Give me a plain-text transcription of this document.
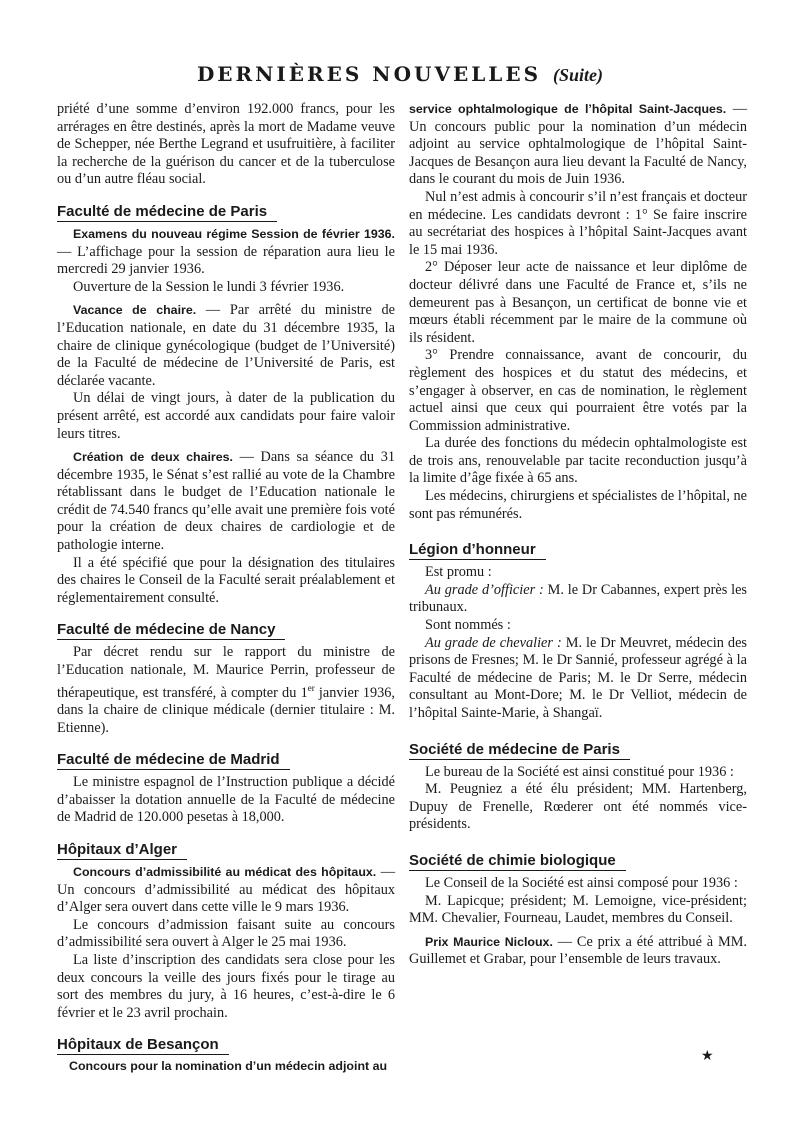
DERNIÈRES NOUVELLES (Suite)

priété d’une somme d’environ 192.000 francs, pour les arrérages en être destinés, après la mort de Madame veuve de Schepper, née Berthe Legrand et usufruitière, à faciliter la recherche de la guérison du cancer et de la tuberculose ou d’un autre fléau social.

Faculté de médecine de Paris

Examens du nouveau régime Session de février 1936. — L’affichage pour la session de réparation aura lieu le mercredi 29 janvier 1936.

Ouverture de la Session le lundi 3 février 1936.

Vacance de chaire. — Par arrêté du ministre de l’Education nationale, en date du 31 décembre 1935, la chaire de clinique gynécologique (budget de l’Université) de la Faculté de médecine de l’Université de Paris, est déclarée vacante.

Un délai de vingt jours, à dater de la publication du présent arrêté, est accordé aux candidats pour faire valoir leurs titres.

Création de deux chaires. — Dans sa séance du 31 décembre 1935, le Sénat s’est rallié au vote de la Chambre rétablissant dans le budget de l’Education nationale le crédit de 74.540 francs qu’elle avait une première fois voté pour la création de deux chaires de cardiologie et de pathologie interne.

Il a été spécifié que pour la désignation des titulaires des chaires le Conseil de la Faculté serait préalablement et réglementairement consulté.

Faculté de médecine de Nancy

Par décret rendu sur le rapport du ministre de l’Education nationale, M. Maurice Perrin, professeur de thérapeutique, est transféré, à compter du 1er janvier 1936, dans la chaire de clinique médicale (dernier titulaire : M. Etienne).

Faculté de médecine de Madrid

Le ministre espagnol de l’Instruction publique a décidé d’abaisser la dotation annuelle de la Faculté de médecine de Madrid de 120.000 pesetas à 18,000.

Hôpitaux d’Alger

Concours d’admissibilité au médicat des hôpitaux. — Un concours d’admissibilité au médicat des hôpitaux d’Alger sera ouvert dans cette ville le 9 mars 1936.

Le concours d’admission faisant suite au concours d’admissibilité sera ouvert à Alger le 25 mai 1936.

La liste d’inscription des candidats sera close pour les deux concours la veille des jours fixés pour le tirage au sort des membres du jury, à 16 heures, c’est-à-dire le 6 février et le 23 avril prochain.

Hôpitaux de Besançon
Concours pour la nomination d’un médecin adjoint au

service ophtalmologique de l’hôpital Saint-Jacques. — Un concours public pour la nomination d’un médecin adjoint au service ophtalmologique de l’hôpital Saint-Jacques de Besançon aura lieu devant la Faculté de Nancy, dans le courant du mois de Juin 1936.

Nul n’est admis à concourir s’il n’est français et docteur en médecine. Les candidats devront : 1° Se faire inscrire au secrétariat des hospices à l’hôpital Saint-Jacques avant le 15 mai 1936.

2° Déposer leur acte de naissance et leur diplôme de docteur délivré dans une Faculté de France et, s’ils ne demeurent pas à Besançon, un certificat de bonne vie et mœurs établi récemment par le maire de la commune où ils résident.

3° Prendre connaissance, avant de concourir, du règlement des hospices et du statut des médecins, et s’engager à observer, en cas de nomination, le règlement actuel ainsi que ceux qui pourraient être votés par la Commission administrative.

La durée des fonctions du médecin ophtalmologiste est de trois ans, renouvelable par tacite reconduction jusqu’à la limite d’âge fixée à 65 ans.

Les médecins, chirurgiens et spécialistes de l’hôpital, ne sont pas rémunérés.

Légion d’honneur

Est promu :

Au grade d’officier : M. le Dr Cabannes, expert près les tribunaux.

Sont nommés :

Au grade de chevalier : M. le Dr Meuvret, médecin des prisons de Fresnes; M. le Dr Sannié, professeur agrégé à la Faculté de médecine de Paris; M. le Dr Serre, médecin consultant au Mont-Dore; M. le Dr Velliot, médecin de l’hôpital Sainte-Marie, à Shangaï.

Société de médecine de Paris

Le bureau de la Société est ainsi constitué pour 1936 :

M. Peugniez a été élu président; MM. Hartenberg, Dupuy de Frenelle, Rœderer ont été nommés vice-présidents.

Société de chimie biologique

Le Conseil de la Société est ainsi composé pour 1936 :

M. Lapicque; président; M. Lemoigne, vice-président; MM. Chevalier, Fourneau, Laudet, membres du Conseil.

Prix Maurice Nicloux. — Ce prix a été attribué à MM. Guillemet et Grabar, pour l’ensemble de leurs travaux.

★
